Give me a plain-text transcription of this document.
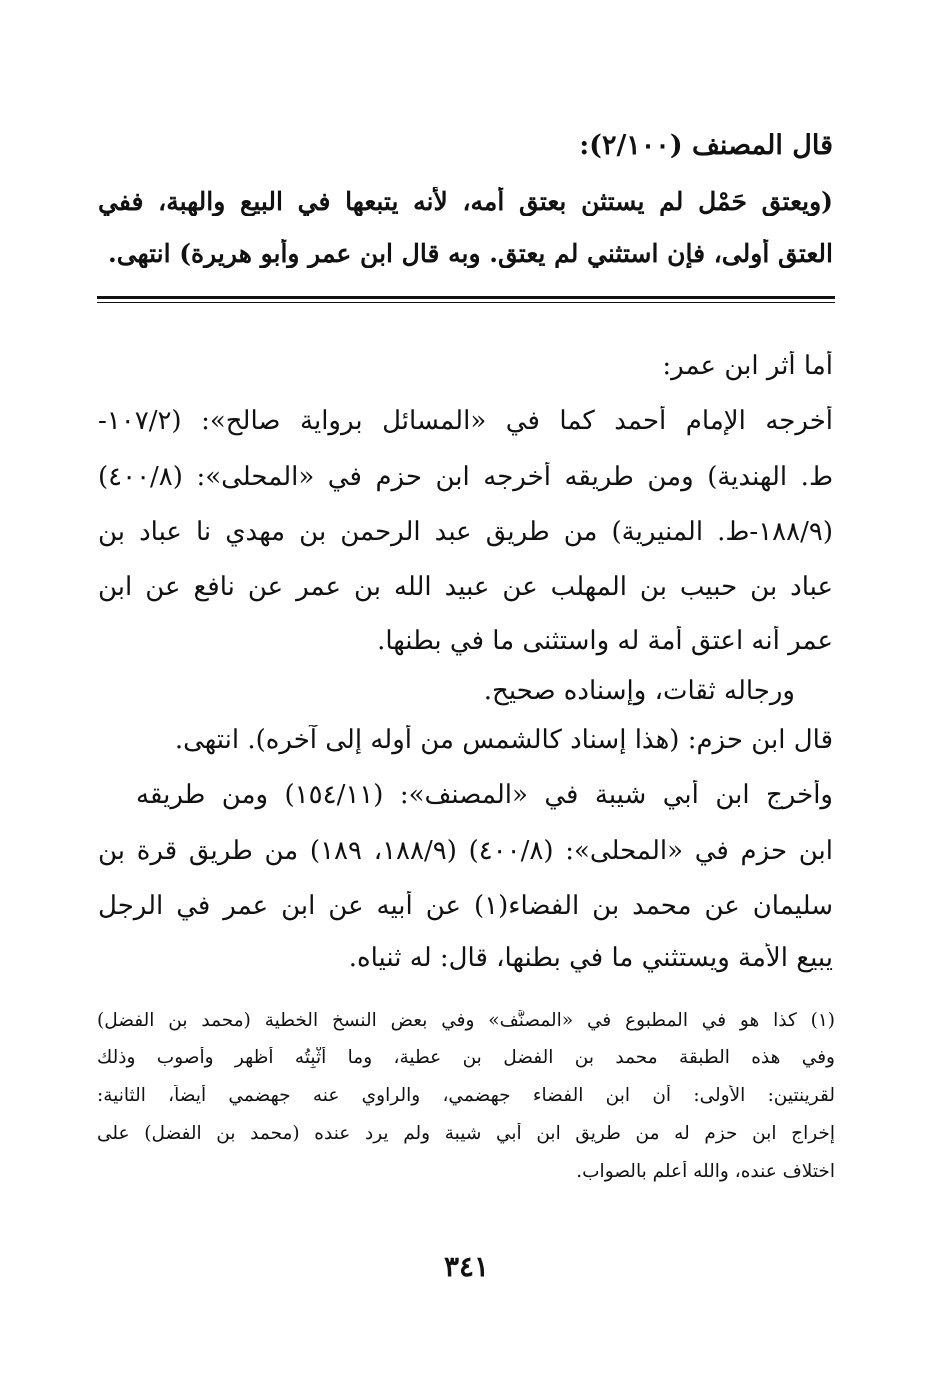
قال المصنف (٢/١٠٠):
(ويعتق حَمْل لم يستثن بعتق أمه، لأنه يتبعها في البيع والهبة، ففي
العتق أولى، فإن استثني لم يعتق. وبه قال ابن عمر وأبو هريرة) انتهى.
أما أثر ابن عمر:
أخرجه الإمام أحمد كما في «المسائل برواية صالح»: (١٠٧/٢-
ط. الهندية) ومن طريقه أخرجه ابن حزم في «المحلى»: (٤٠٠/٨)
(١٨٨/٩-ط. المنيرية) من طريق عبد الرحمن بن مهدي نا عباد بن
عباد بن حبيب بن المهلب عن عبيد الله بن عمر عن نافع عن ابن
عمر أنه اعتق أمة له واستثنى ما في بطنها.
ورجاله ثقات، وإسناده صحيح.
قال ابن حزم: (هذا إسناد كالشمس من أوله إلى آخره). انتهى.
وأخرج ابن أبي شيبة في «المصنف»: (١٥٤/١١) ومن طريقه
ابن حزم في «المحلى»: (٤٠٠/٨) (١٨٨/٩، ١٨٩) من طريق قرة بن
سليمان عن محمد بن الفضاء(١) عن أبيه عن ابن عمر في الرجل
يبيع الأمة ويستثني ما في بطنها، قال: له ثنياه.
(١) كذا هو في المطبوع في «المصنَّف» وفي بعض النسخ الخطية (محمد بن الفضل)
وفي هذه الطبقة محمد بن الفضل بن عطية، وما أُثْبِتُه أظهر وأصوب وذلك
لقرينتين: الأولى: أن ابن الفضاء جهضمي، والراوي عنه جهضمي أيضاً، الثانية:
إخراج ابن حزم له من طريق ابن أبي شيبة ولم يرد عنده (محمد بن الفضل) على
اختلاف عنده، والله أعلم بالصواب.
٣٤١
